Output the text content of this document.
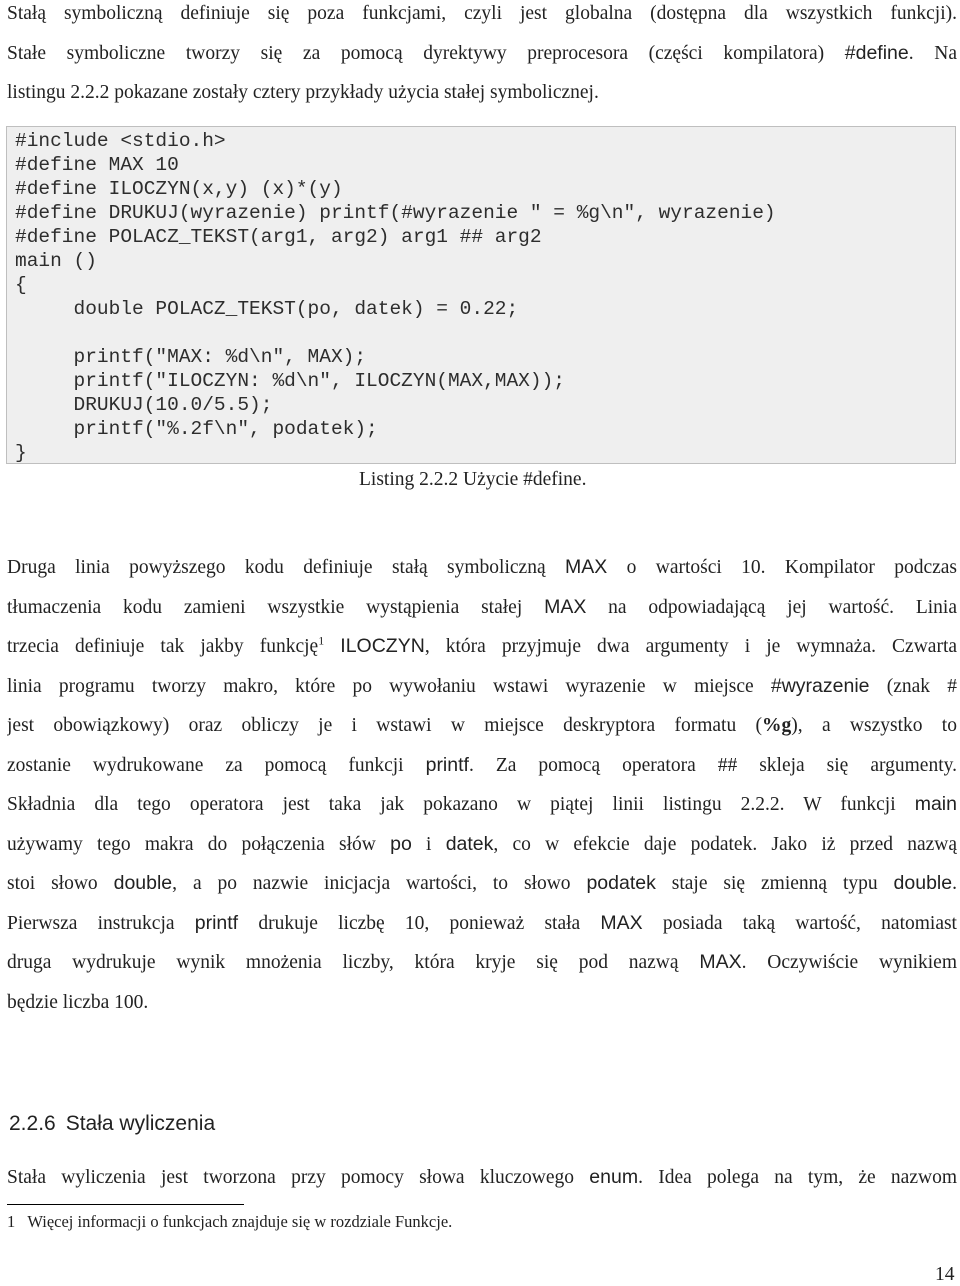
Stałą symboliczną definiuje się poza funkcjami, czyli jest globalna (dostępna dla wszystkich funkcji).
Stałe symboliczne tworzy się za pomocą dyrektywy preprocesora (części kompilatora) #define. Na
listingu 2.2.2 pokazane zostały cztery przykłady użycia stałej symbolicznej.
#include <stdio.h>
#define MAX 10
#define ILOCZYN(x,y) (x)*(y)
#define DRUKUJ(wyrazenie) printf(#wyrazenie " = %g\n", wyrazenie)
#define POLACZ_TEKST(arg1, arg2) arg1 ## arg2
main ()
{
double POLACZ_TEKST(po, datek) = 0.22;
printf("MAX: %d\n", MAX);
printf("ILOCZYN: %d\n", ILOCZYN(MAX,MAX));
DRUKUJ(10.0/5.5);
printf("%.2f\n", podatek);
}
Listing 2.2.2 Użycie #define.
Druga linia powyższego kodu definiuje stałą symboliczną MAX o wartości 10. Kompilator podczas
tłumaczenia kodu zamieni wszystkie wystąpienia stałej MAX na odpowiadającą jej wartość. Linia
trzecia definiuje tak jakby funkcję$^1$ ILOCZYN, która przyjmuje dwa argumenty i je wymnaża. Czwarta
linia programu tworzy makro, które po wywołaniu wstawi wyrazenie w miejsce #wyrazenie (znak #
jest obowiązkowy) oraz obliczy je i wstawi w miejsce deskryptora formatu (%g), a wszystko to
zostanie wydrukowane za pomocą funkcji printf. Za pomocą operatora ## skleja się argumenty.
Składnia dla tego operatora jest taka jak pokazano w piątej linii listingu 2.2.2. W funkcji main
używamy tego makra do połączenia słów po i datek, co w efekcie daje podatek. Jako iż przed nazwą
stoi słowo double, a po nazwie inicjacja wartości, to słowo podatek staje się zmienną typu double.
Pierwsza instrukcja printf drukuje liczbę 10, ponieważ stała MAX posiada taką wartość, natomiast
druga wydrukuje wynik mnożenia liczby, która kryje się pod nazwą MAX. Oczywiście wynikiem
będzie liczba 100.
2.2.6 Stała wyliczenia
Stała wyliczenia jest tworzona przy pomocy słowa kluczowego enum. Idea polega na tym, że nazwom
1   Więcej informacji o funkcjach znajduje się w rozdziale Funkcje.
14
